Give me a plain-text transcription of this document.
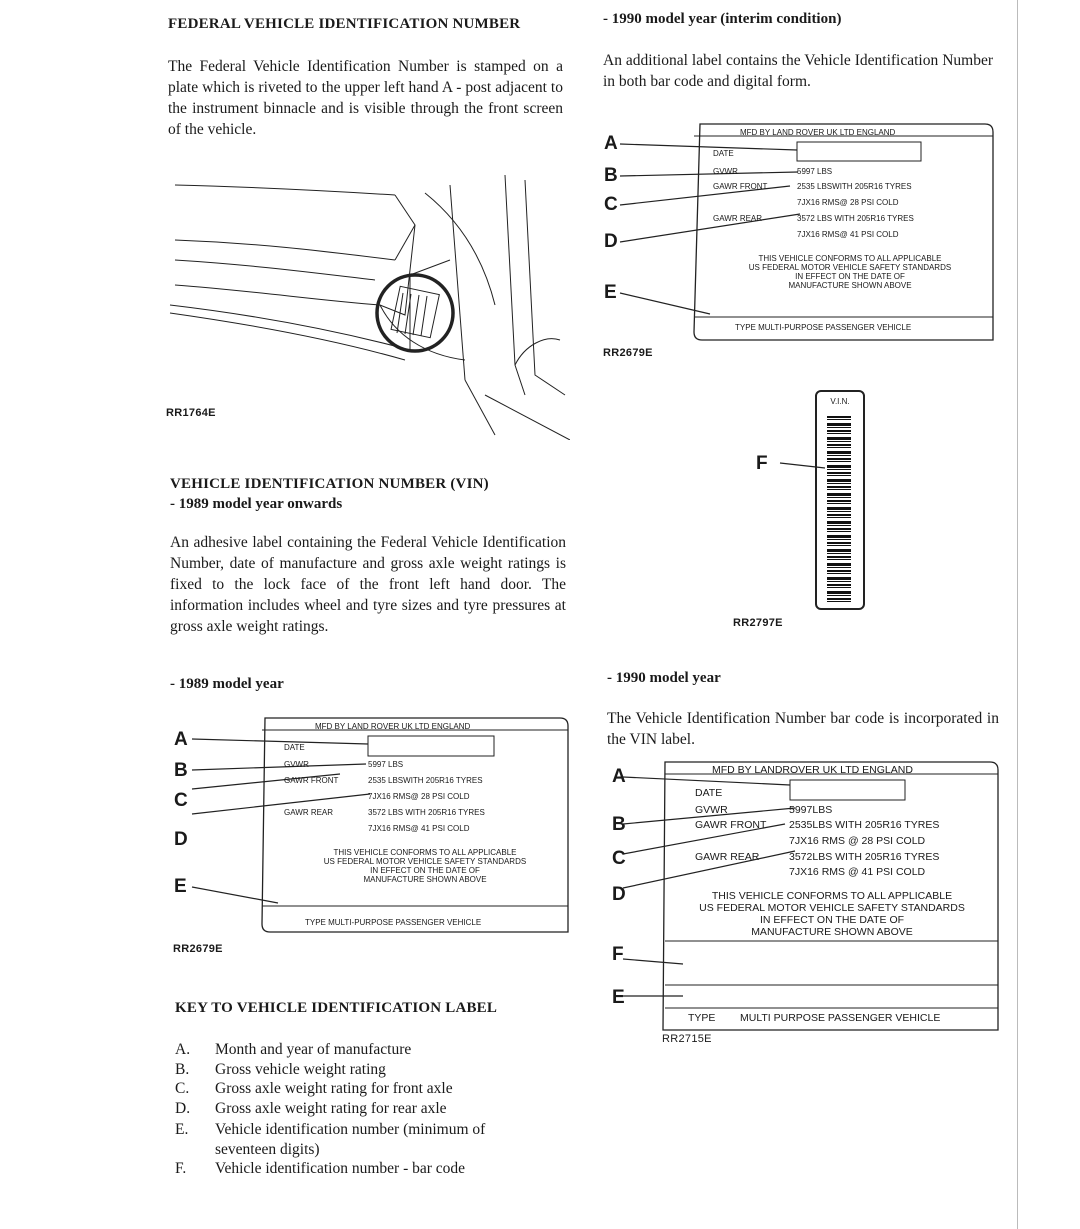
FEDERAL VEHICLE IDENTIFICATION NUMBER
The Federal Vehicle Identification Number is stamped on a plate which is riveted to the upper left hand A - post adjacent to the instrument binnacle and is visible through the front screen of the vehicle.
RR1764E
VEHICLE IDENTIFICATION NUMBER (VIN)
- 1989 model year onwards
An adhesive label containing the Federal Vehicle Identification Number, date of manufacture and gross axle weight ratings is fixed to the lock face of the front left hand door. The information includes wheel and tyre sizes and tyre pressures at gross axle weight ratings.
- 1989 model year
A
B
C
D
E
MFD BY LAND ROVER UK LTD ENGLAND
DATE
GVWR	5997 LBS
GAWR FRONT	2535 LBSWITH 205R16 TYRES
7JX16 RMS@ 28 PSI COLD
GAWR REAR	3572 LBS WITH 205R16 TYRES
7JX16 RMS@ 41 PSI COLD
THIS VEHICLE CONFORMS TO ALL APPLICABLE
US FEDERAL MOTOR VEHICLE SAFETY STANDARDS
IN EFFECT ON THE DATE OF
MANUFACTURE SHOWN ABOVE
TYPE MULTI-PURPOSE PASSENGER VEHICLE
RR2679E
KEY TO VEHICLE IDENTIFICATION LABEL
A. Month and year of manufacture
B. Gross vehicle weight rating
C. Gross axle weight rating for front axle
D. Gross axle weight rating for rear axle
E. Vehicle identification number (minimum of
seventeen digits)
F. Vehicle identification number - bar code
- 1990 model year (interim condition)
An additional label contains the Vehicle Identification Number in both bar code and digital form.
A
B
C
D
E
MFD BY LAND ROVER UK LTD ENGLAND
DATE
GVWR	5997 LBS
GAWR FRONT	2535 LBSWITH 205R16 TYRES
7JX16 RMS@ 28 PSI COLD
GAWR REAR	3572 LBS WITH 205R16 TYRES
7JX16 RMS@ 41 PSI COLD
THIS VEHICLE CONFORMS TO ALL APPLICABLE
US FEDERAL MOTOR VEHICLE SAFETY STANDARDS
IN EFFECT ON THE DATE OF
MANUFACTURE SHOWN ABOVE
TYPE MULTI-PURPOSE PASSENGER VEHICLE
RR2679E
V.I.N.
F
RR2797E
- 1990 model year
The Vehicle Identification Number bar code is incorporated in the VIN label.
A
B
C
D
F
E
MFD BY LANDROVER UK LTD ENGLAND
DATE
GVWR	5997LBS
GAWR FRONT 2535LBS WITH 205R16 TYRES
7JX16 RMS @ 28 PSI COLD
GAWR REAR	3572LBS WITH 205R16 TYRES
7JX16 RMS @ 41 PSI COLD
THIS VEHICLE CONFORMS TO ALL APPLICABLE
US FEDERAL MOTOR VEHICLE SAFETY STANDARDS
IN EFFECT ON THE DATE OF
MANUFACTURE SHOWN ABOVE
TYPE MULTI PURPOSE PASSENGER VEHICLE
RR2715E
